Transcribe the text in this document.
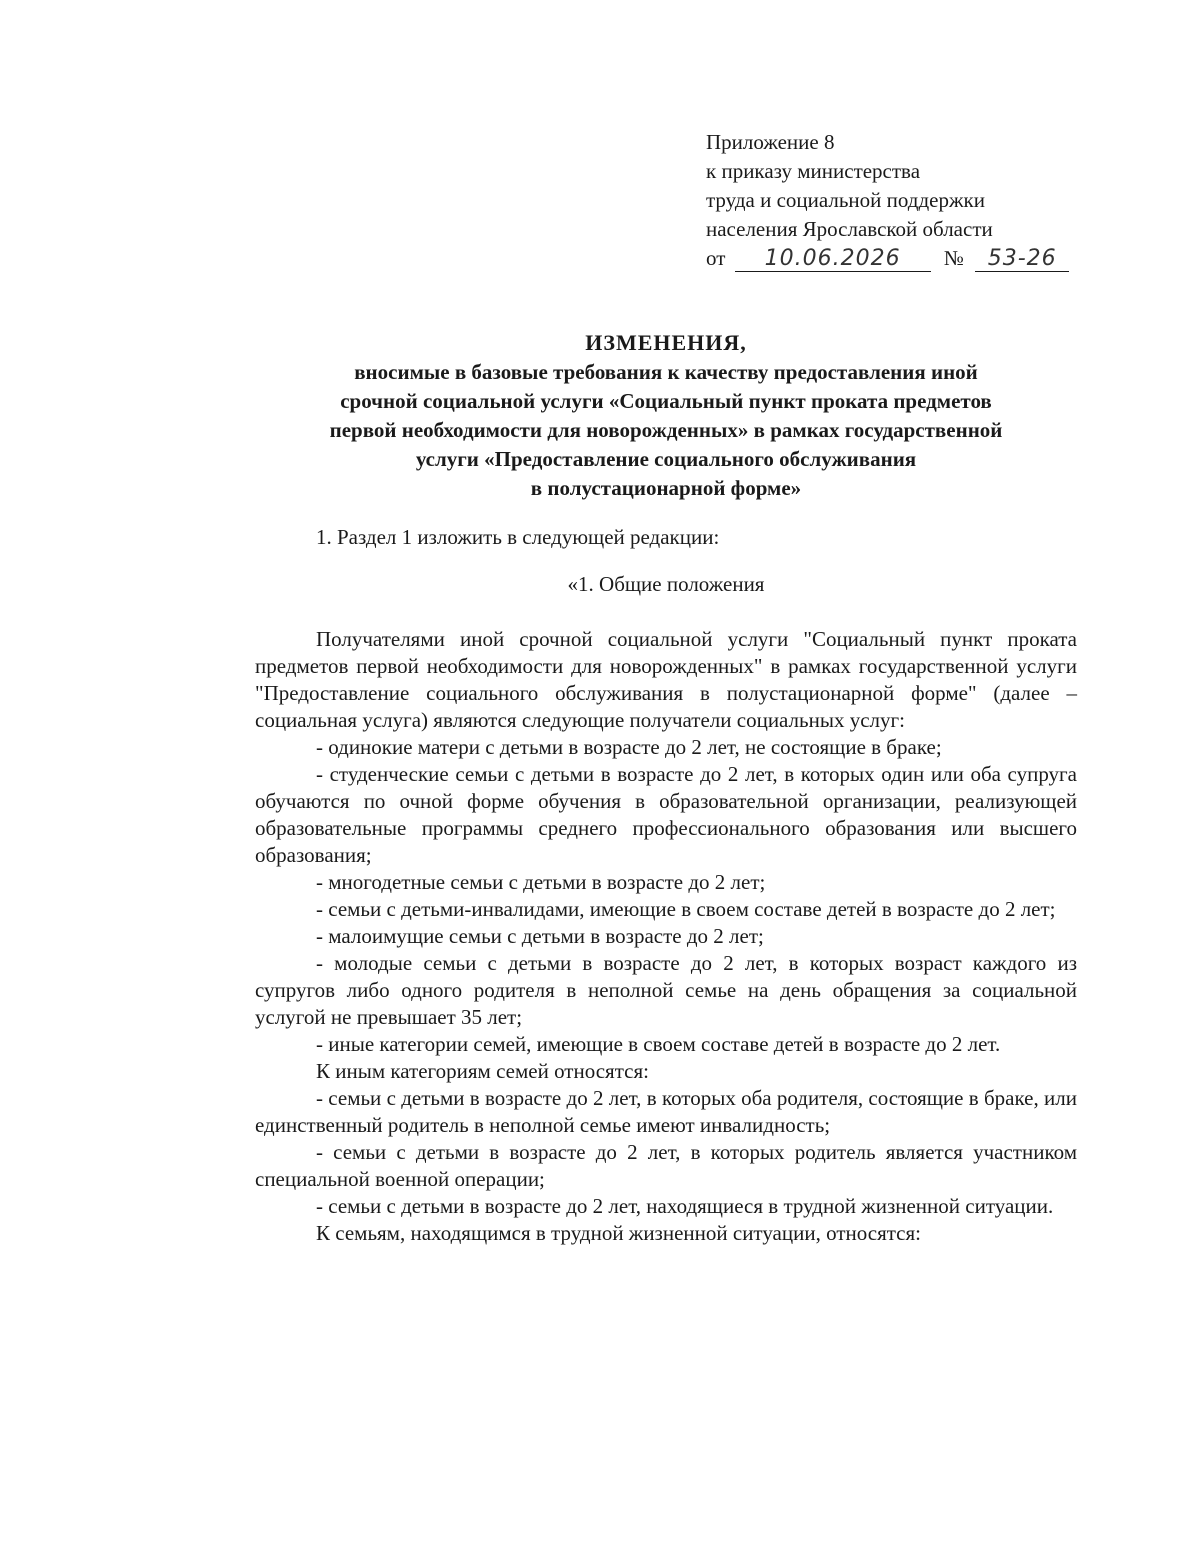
Приложение 8
к приказу министерства
труда и социальной поддержки
населения Ярославской области
от 10.06.2026 № 53-26
ИЗМЕНЕНИЯ,
вносимые в базовые требования к качеству предоставления иной
срочной социальной услуги «Социальный пункт проката предметов
первой необходимости для новорожденных» в рамках государственной
услуги «Предоставление социального обслуживания
в полустационарной форме»

1. Раздел 1 изложить в следующей редакции:

«1. Общие положения

Получателями иной срочной социальной услуги "Социальный пункт проката предметов первой необходимости для новорожденных" в рамках государственной услуги "Предоставление социального обслуживания в полустационарной форме" (далее – социальная услуга) являются следующие получатели социальных услуг:

- одинокие матери с детьми в возрасте до 2 лет, не состоящие в браке;

- студенческие семьи с детьми в возрасте до 2 лет, в которых один или оба супруга обучаются по очной форме обучения в образовательной организации, реализующей образовательные программы среднего профессионального образования или высшего образования;

- многодетные семьи с детьми в возрасте до 2 лет;

- семьи с детьми-инвалидами, имеющие в своем составе детей в возрасте до 2 лет;

- малоимущие семьи с детьми в возрасте до 2 лет;

- молодые семьи с детьми в возрасте до 2 лет, в которых возраст каждого из супругов либо одного родителя в неполной семье на день обращения за социальной услугой не превышает 35 лет;

- иные категории семей, имеющие в своем составе детей в возрасте до 2 лет.

К иным категориям семей относятся:

- семьи с детьми в возрасте до 2 лет, в которых оба родителя, состоящие в браке, или единственный родитель в неполной семье имеют инвалидность;

- семьи с детьми в возрасте до 2 лет, в которых родитель является участником специальной военной операции;

- семьи с детьми в возрасте до 2 лет, находящиеся в трудной жизненной ситуации.

К семьям, находящимся в трудной жизненной ситуации, относятся:
